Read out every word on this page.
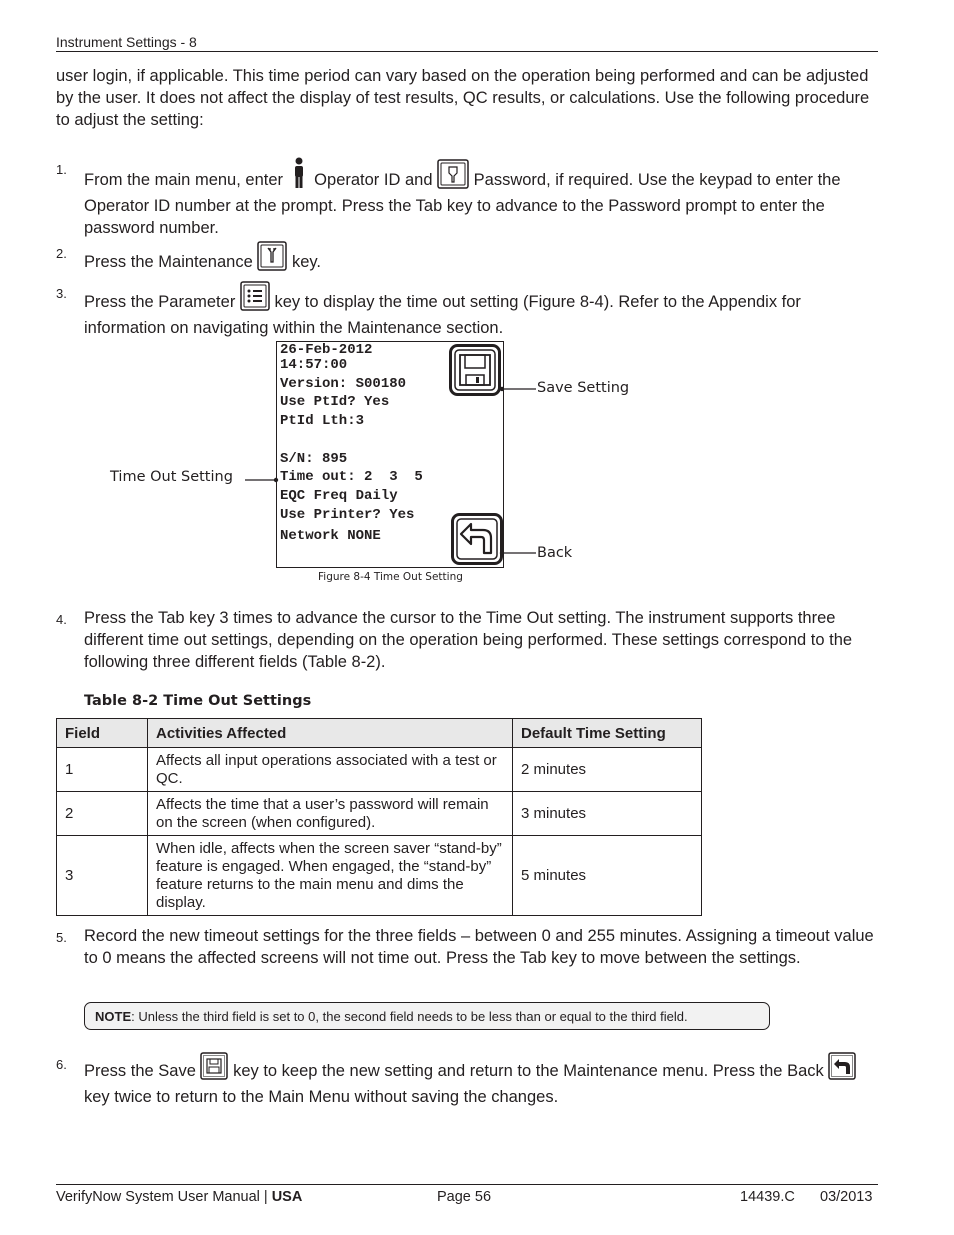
Instrument Settings - 8
user login, if applicable. This time period can vary based on the operation being performed and can be adjusted by the user. It does not affect the display of test results, QC results, or calculations. Use the following procedure to adjust the setting:
1.
From the main menu, enter  Operator ID and  Password, if required. Use the keypad to enter the Operator ID number at the prompt. Press the Tab key to advance to the Password prompt to enter the password number.
2. Press the Maintenance  key.
3. Press the Parameter  key to display the time out setting (Figure 8-4). Refer to the Appendix for information on navigating within the Maintenance section.
26-Feb-2012
14:57:00
Version: S00180
Use PtId? Yes
PtId Lth:3
S/N: 895
Time out: 2  3  5
EQC Freq Daily
Use Printer? Yes
Network NONE
Save Setting
Back
Time Out Setting
Figure 8-4 Time Out Setting
4. Press the Tab key 3 times to advance the cursor to the Time Out setting. The instrument supports three different time out settings, depending on the operation being performed. These settings correspond to the following three different fields (Table 8-2).
Table 8-2 Time Out Settings
Field	Activities Affected	Default Time Setting
1	Affects all input operations associated with a test or QC.	2 minutes
2	Affects the time that a user’s password will remain on the screen (when configured).	3 minutes
3	When idle, affects when the screen saver “stand-by” feature is engaged. When engaged, the “stand-by” feature returns to the main menu and dims the display.	5 minutes
5. Record the new timeout settings for the three fields – between 0 and 255 minutes. Assigning a timeout value to 0 means the affected screens will not time out. Press the Tab key to move between the settings.
NOTE: Unless the third field is set to 0, the second field needs to be less than or equal to the third field.
6. Press the Save  key to keep the new setting and return to the Maintenance menu. Press the Back  key twice to return to the Main Menu without saving the changes.
VerifyNow System User Manual | USA	Page 56	14439.C 03/2013
